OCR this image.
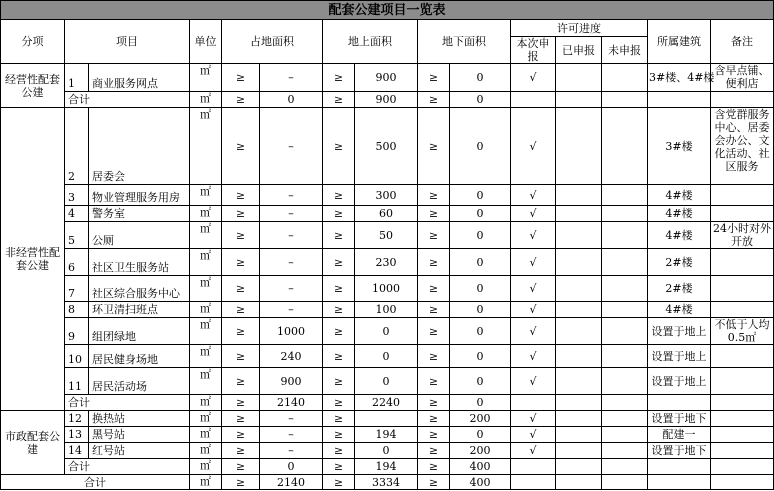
配套公建项目一览表														
分项	项目		单位	占地面积		地上面积		地下面积		许可进度			所属建筑	备注
										本次申报	已申报	未申报		
经营性配套公建	1	商业服务网点	㎡	≥	–	≥	900	≥	0	√			3#楼、4#楼	含早点铺、便利店
	合计		㎡	≥	0	≥	900	≥	0					
非经营性配套公建	2	居委会	㎡	≥	–	≥	500	≥	0	√			3#楼	含党群服务中心、居委会办公、文化活动、社区服务
	3	物业管理服务用房	㎡	≥	–	≥	300	≥	0	√			4#楼	
	4	警务室	㎡	≥	–	≥	60	≥	0	√			4#楼	
	5	公厕	㎡	≥	–	≥	50	≥	0	√			4#楼	24小时对外开放
	6	社区卫生服务站	㎡	≥	–	≥	230	≥	0	√			2#楼	
	7	社区综合服务中心	㎡	≥	–	≥	1000	≥	0	√			2#楼	
	8	环卫清扫班点	㎡	≥	–	≥	100	≥	0	√			4#楼	
	9	组团绿地	㎡	≥	1000	≥	0	≥	0	√			设置于地上	不低于人均0.5㎡
	10	居民健身场地	㎡	≥	240	≥	0	≥	0	√			设置于地上	
	11	居民活动场	㎡	≥	900	≥	0	≥	0	√			设置于地上	
	合计		㎡	≥	2140	≥	2240	≥	0					
市政配套公建	12	换热站	㎡	≥	–	≥		≥	200	√			设置于地下	
	13	黑号站	㎡	≥	–	≥	194	≥	0	√			配建一	
	14	红号站	㎡	≥	–	≥	0	≥	200	√			设置于地下	
	合计		㎡	≥	0	≥	194	≥	400					
合计			㎡	≥	2140	≥	3334	≥	400					
